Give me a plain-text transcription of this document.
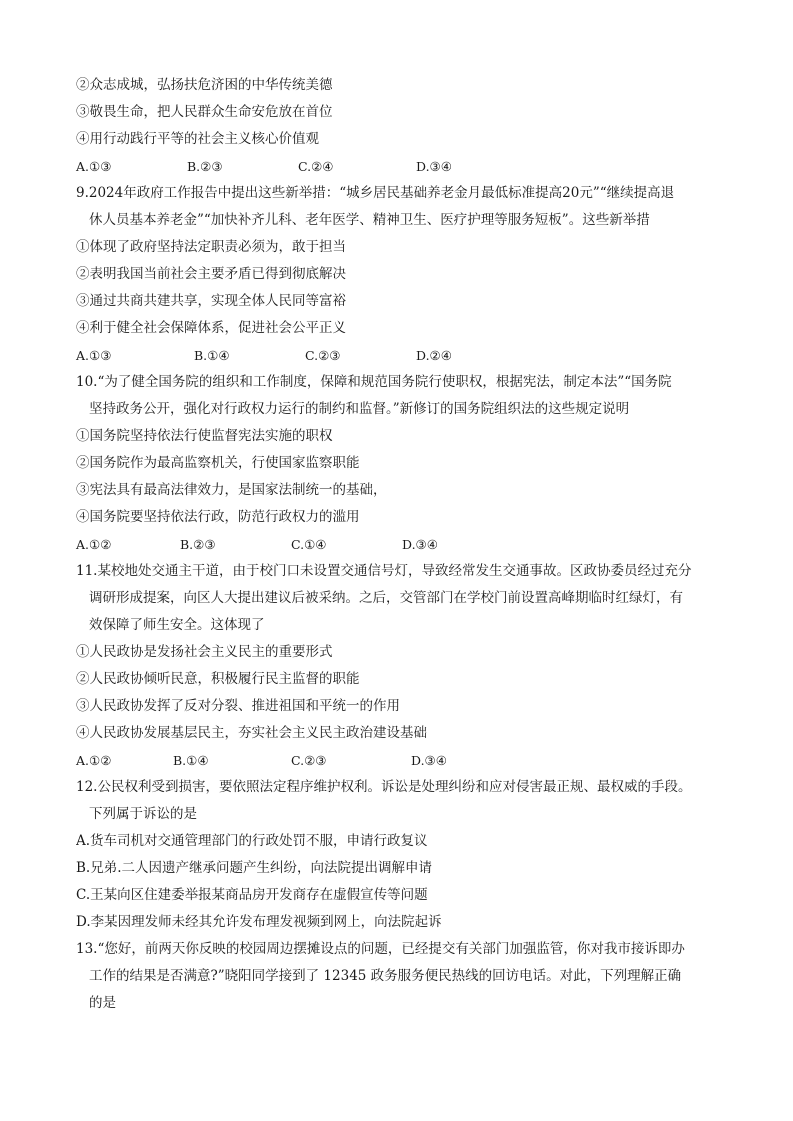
②众志成城，弘扬扶危济困的中华传统美德
③敬畏生命，把人民群众生命安危放在首位
④用行动践行平等的社会主义核心价值观
A.①③	B.②③	C.②④	D.③④
9.2024年政府工作报告中提出这些新举措：“城乡居民基础养老金月最低标准提高20元”“继续提高退
休人员基本养老金”“加快补齐儿科、老年医学、精神卫生、医疗护理等服务短板”。这些新举措
①体现了政府坚持法定职责必须为，敢于担当
②表明我国当前社会主要矛盾已得到彻底解决
③通过共商共建共享，实现全体人民同等富裕
④利于健全社会保障体系，促进社会公平正义
A.①③	B.①④	C.②③	D.②④
10.“为了健全国务院的组织和工作制度，保障和规范国务院行使职权，根据宪法，制定本法”“国务院
坚持政务公开，强化对行政权力运行的制约和监督。”新修订的国务院组织法的这些规定说明
①国务院坚持依法行使监督宪法实施的职权
②国务院作为最高监察机关，行使国家监察职能
③宪法具有最高法律效力，是国家法制统一的基础，
④国务院要坚持依法行政，防范行政权力的滥用
A.①②	B.②③	C.①④	D.③④
11.某校地处交通主干道，由于校门口未设置交通信号灯，导致经常发生交通事故。区政协委员经过充分
调研形成提案，向区人大提出建议后被采纳。之后，交管部门在学校门前设置高峰期临时红绿灯，有
效保障了师生安全。这体现了
①人民政协是发扬社会主义民主的重要形式
②人民政协倾听民意，积极履行民主监督的职能
③人民政协发挥了反对分裂、推进祖国和平统一的作用
④人民政协发展基层民主，夯实社会主义民主政治建设基础
A.①②	B.①④	C.②③	D.③④
12.公民权利受到损害，要依照法定程序维护权利。诉讼是处理纠纷和应对侵害最正规、最权威的手段。
下列属于诉讼的是
A.货车司机对交通管理部门的行政处罚不服，申请行政复议
B.兄弟.二人因遗产继承问题产生纠纷，向法院提出调解申请
C.王某向区住建委举报某商品房开发商存在虚假宣传等问题
D.李某因理发师未经其允许发布理发视频到网上，向法院起诉
13.“您好，前两天你反映的校园周边摆摊设点的问题，已经提交有关部门加强监管，你对我市接诉即办
工作的结果是否满意?”晓阳同学接到了 12345 政务服务便民热线的回访电话。对此，下列理解正确
的是
